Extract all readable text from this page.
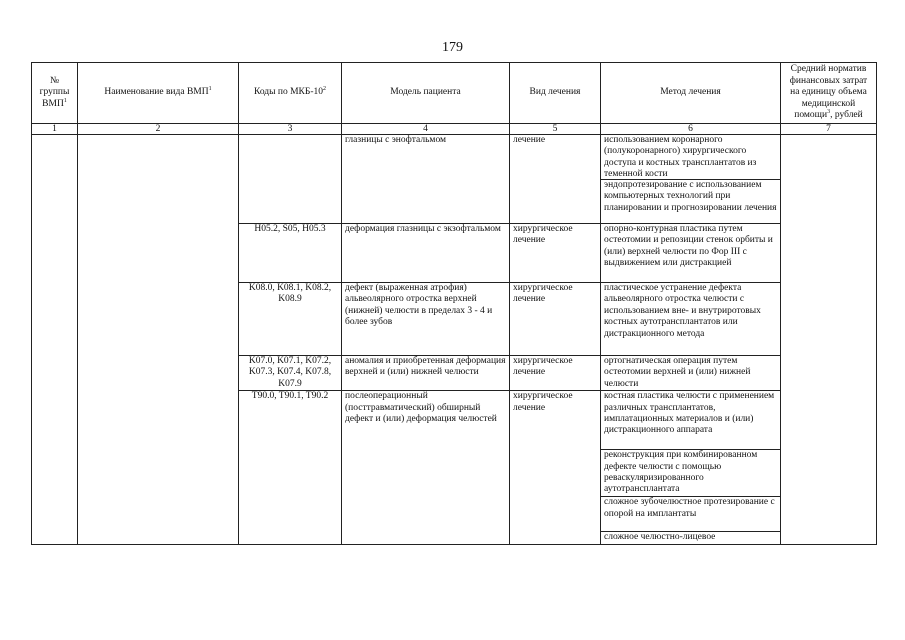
179
№ группы ВМП$^1$	Наименование вида ВМП$^1$	Коды по МКБ-$10^2$	Модель пациента	Вид лечения	Метод лечения	Средний норматив финансовых затрат на единицу объема медицинской помощи$^3$, рублей
1	2	3	4	5	6	7
			глазницы с энофтальмом	лечение	использованием коронарного (полукоронарного) хирургического доступа и костных трансплантатов из теменной кости
эндопротезирование с использованием компьютерных технологий при планировании и прогнозировании лечения	

		H05.2, S05, H05.3	деформация глазницы с экзофтальмом	хирургическое лечение	опорно-контурная пластика путем остеотомии и репозиции стенок орбиты и (или) верхней челюсти по Фор III с выдвижением или дистракцией	

		K08.0, K08.1, K08.2, K08.9	дефект (выраженная атрофия) альвеолярного отростка верхней (нижней) челюсти в пределах 3 - 4 и более зубов	хирургическое лечение	пластическое устранение дефекта альвеолярного отростка челюсти с использованием вне- и внутриротовых костных аутотрансплантатов или дистракционного метода	

		K07.0, K07.1, K07.2, K07.3, K07.4, K07.8, K07.9	аномалия и приобретенная деформация верхней и (или) нижней челюсти	хирургическое лечение	ортогнатическая операция путем остеотомии верхней и (или) нижней челюсти	

		T90.0, T90.1, T90.2	послеоперационный (посттравматический) обширный дефект и (или) деформация челюстей	хирургическое лечение	костная пластика челюсти с применением различных трансплантатов, имплатационных материалов и (или) дистракционного аппарата
реконструкция при комбинированном дефекте челюсти с помощью реваскуляризированного аутотрансплантата
сложное зубочелюстное протезирование с опорой на имплантаты
сложное челюстно-лицевое	
